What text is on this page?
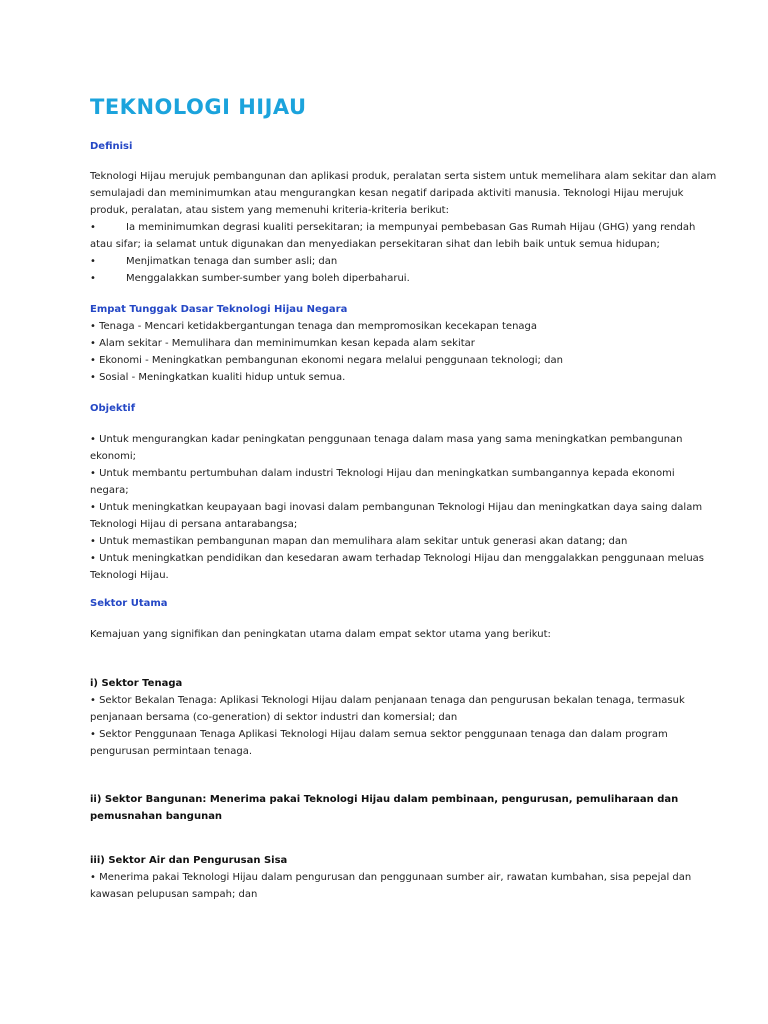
TEKNOLOGI HIJAU
Definisi
Teknologi Hijau merujuk pembangunan dan aplikasi produk, peralatan serta sistem untuk memelihara alam sekitar dan alam
semulajadi dan meminimumkan atau mengurangkan kesan negatif daripada aktiviti manusia. Teknologi Hijau merujuk
produk, peralatan, atau sistem yang memenuhi kriteria-kriteria berikut:
•	Ia meminimumkan degrasi kualiti persekitaran; ia mempunyai pembebasan Gas Rumah Hijau (GHG) yang rendah
atau sifar; ia selamat untuk digunakan dan menyediakan persekitaran sihat dan lebih baik untuk semua hidupan;
•	Menjimatkan tenaga dan sumber asli; dan
•	Menggalakkan sumber-sumber yang boleh diperbaharui.
Empat Tunggak Dasar Teknologi Hijau Negara
• Tenaga - Mencari ketidakbergantungan tenaga dan mempromosikan kecekapan tenaga
• Alam sekitar - Memulihara dan meminimumkan kesan kepada alam sekitar
• Ekonomi - Meningkatkan pembangunan ekonomi negara melalui penggunaan teknologi; dan
• Sosial - Meningkatkan kualiti hidup untuk semua.
Objektif
• Untuk mengurangkan kadar peningkatan penggunaan tenaga dalam masa yang sama meningkatkan pembangunan
ekonomi;
• Untuk membantu pertumbuhan dalam industri Teknologi Hijau dan meningkatkan sumbangannya kepada ekonomi
negara;
• Untuk meningkatkan keupayaan bagi inovasi dalam pembangunan Teknologi Hijau dan meningkatkan daya saing dalam
Teknologi Hijau di persana antarabangsa;
• Untuk memastikan pembangunan mapan dan memulihara alam sekitar untuk generasi akan datang; dan
• Untuk meningkatkan pendidikan dan kesedaran awam terhadap Teknologi Hijau dan menggalakkan penggunaan meluas
Teknologi Hijau.
Sektor Utama
Kemajuan yang signifikan dan peningkatan utama dalam empat sektor utama yang berikut:
i) Sektor Tenaga
• Sektor Bekalan Tenaga: Aplikasi Teknologi Hijau dalam penjanaan tenaga dan pengurusan bekalan tenaga, termasuk
penjanaan bersama (co-generation) di sektor industri dan komersial; dan
• Sektor Penggunaan Tenaga Aplikasi Teknologi Hijau dalam semua sektor penggunaan tenaga dan dalam program
pengurusan permintaan tenaga.
ii) Sektor Bangunan: Menerima pakai Teknologi Hijau dalam pembinaan, pengurusan, pemuliharaan dan
pemusnahan bangunan
iii) Sektor Air dan Pengurusan Sisa
• Menerima pakai Teknologi Hijau dalam pengurusan dan penggunaan sumber air, rawatan kumbahan, sisa pepejal dan
kawasan pelupusan sampah; dan
